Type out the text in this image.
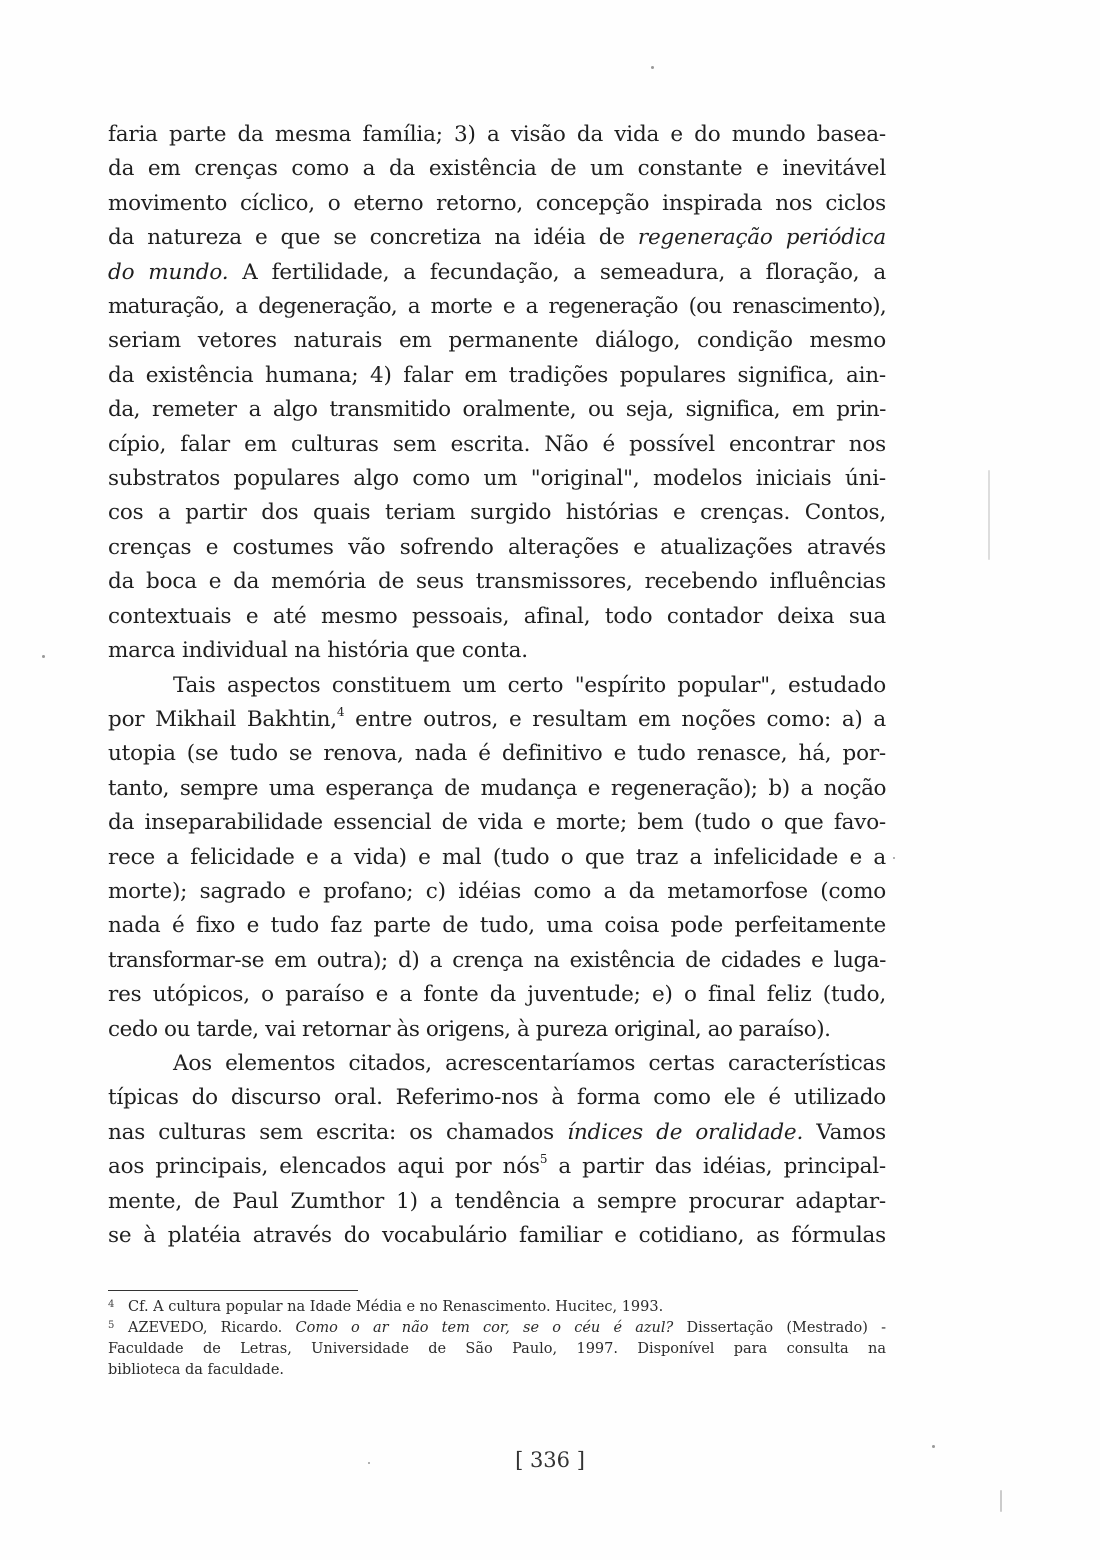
faria parte da mesma família; 3) a visão da vida e do mundo basea-
da em crenças como a da existência de um constante e inevitável
movimento cíclico, o eterno retorno, concepção inspirada nos ciclos
da natureza e que se concretiza na idéia de regeneração periódica
do mundo. A fertilidade, a fecundação, a semeadura, a floração, a
maturação, a degeneração, a morte e a regeneração (ou renascimento),
seriam vetores naturais em permanente diálogo, condição mesmo
da existência humana; 4) falar em tradições populares significa, ain-
da, remeter a algo transmitido oralmente, ou seja, significa, em prin-
cípio, falar em culturas sem escrita. Não é possível encontrar nos
substratos populares algo como um "original", modelos iniciais úni-
cos a partir dos quais teriam surgido histórias e crenças. Contos,
crenças e costumes vão sofrendo alterações e atualizações através
da boca e da memória de seus transmissores, recebendo influências
contextuais e até mesmo pessoais, afinal, todo contador deixa sua
marca individual na história que conta.
Tais aspectos constituem um certo "espírito popular", estudado
por Mikhail Bakhtin,$^4$ entre outros, e resultam em noções como: a) a
utopia (se tudo se renova, nada é definitivo e tudo renasce, há, por-
tanto, sempre uma esperança de mudança e regeneração); b) a noção
da inseparabilidade essencial de vida e morte; bem (tudo o que favo-
rece a felicidade e a vida) e mal (tudo o que traz a infelicidade e a
morte); sagrado e profano; c) idéias como a da metamorfose (como
nada é fixo e tudo faz parte de tudo, uma coisa pode perfeitamente
transformar-se em outra); d) a crença na existência de cidades e luga-
res utópicos, o paraíso e a fonte da juventude; e) o final feliz (tudo,
cedo ou tarde, vai retornar às origens, à pureza original, ao paraíso).
Aos elementos citados, acrescentaríamos certas características
típicas do discurso oral. Referimo-nos à forma como ele é utilizado
nas culturas sem escrita: os chamados índices de oralidade. Vamos
aos principais, elencados aqui por nós$^5$ a partir das idéias, principal-
mente, de Paul Zumthor 1) a tendência a sempre procurar adaptar-
se à platéia através do vocabulário familiar e cotidiano, as fórmulas
4 Cf. A cultura popular na Idade Média e no Renascimento. Hucitec, 1993.
5 AZEVEDO, Ricardo. Como o ar não tem cor, se o céu é azul? Dissertação (Mestrado) -
Faculdade de Letras, Universidade de São Paulo, 1997. Disponível para consulta na
biblioteca da faculdade.
[ 336 ]
